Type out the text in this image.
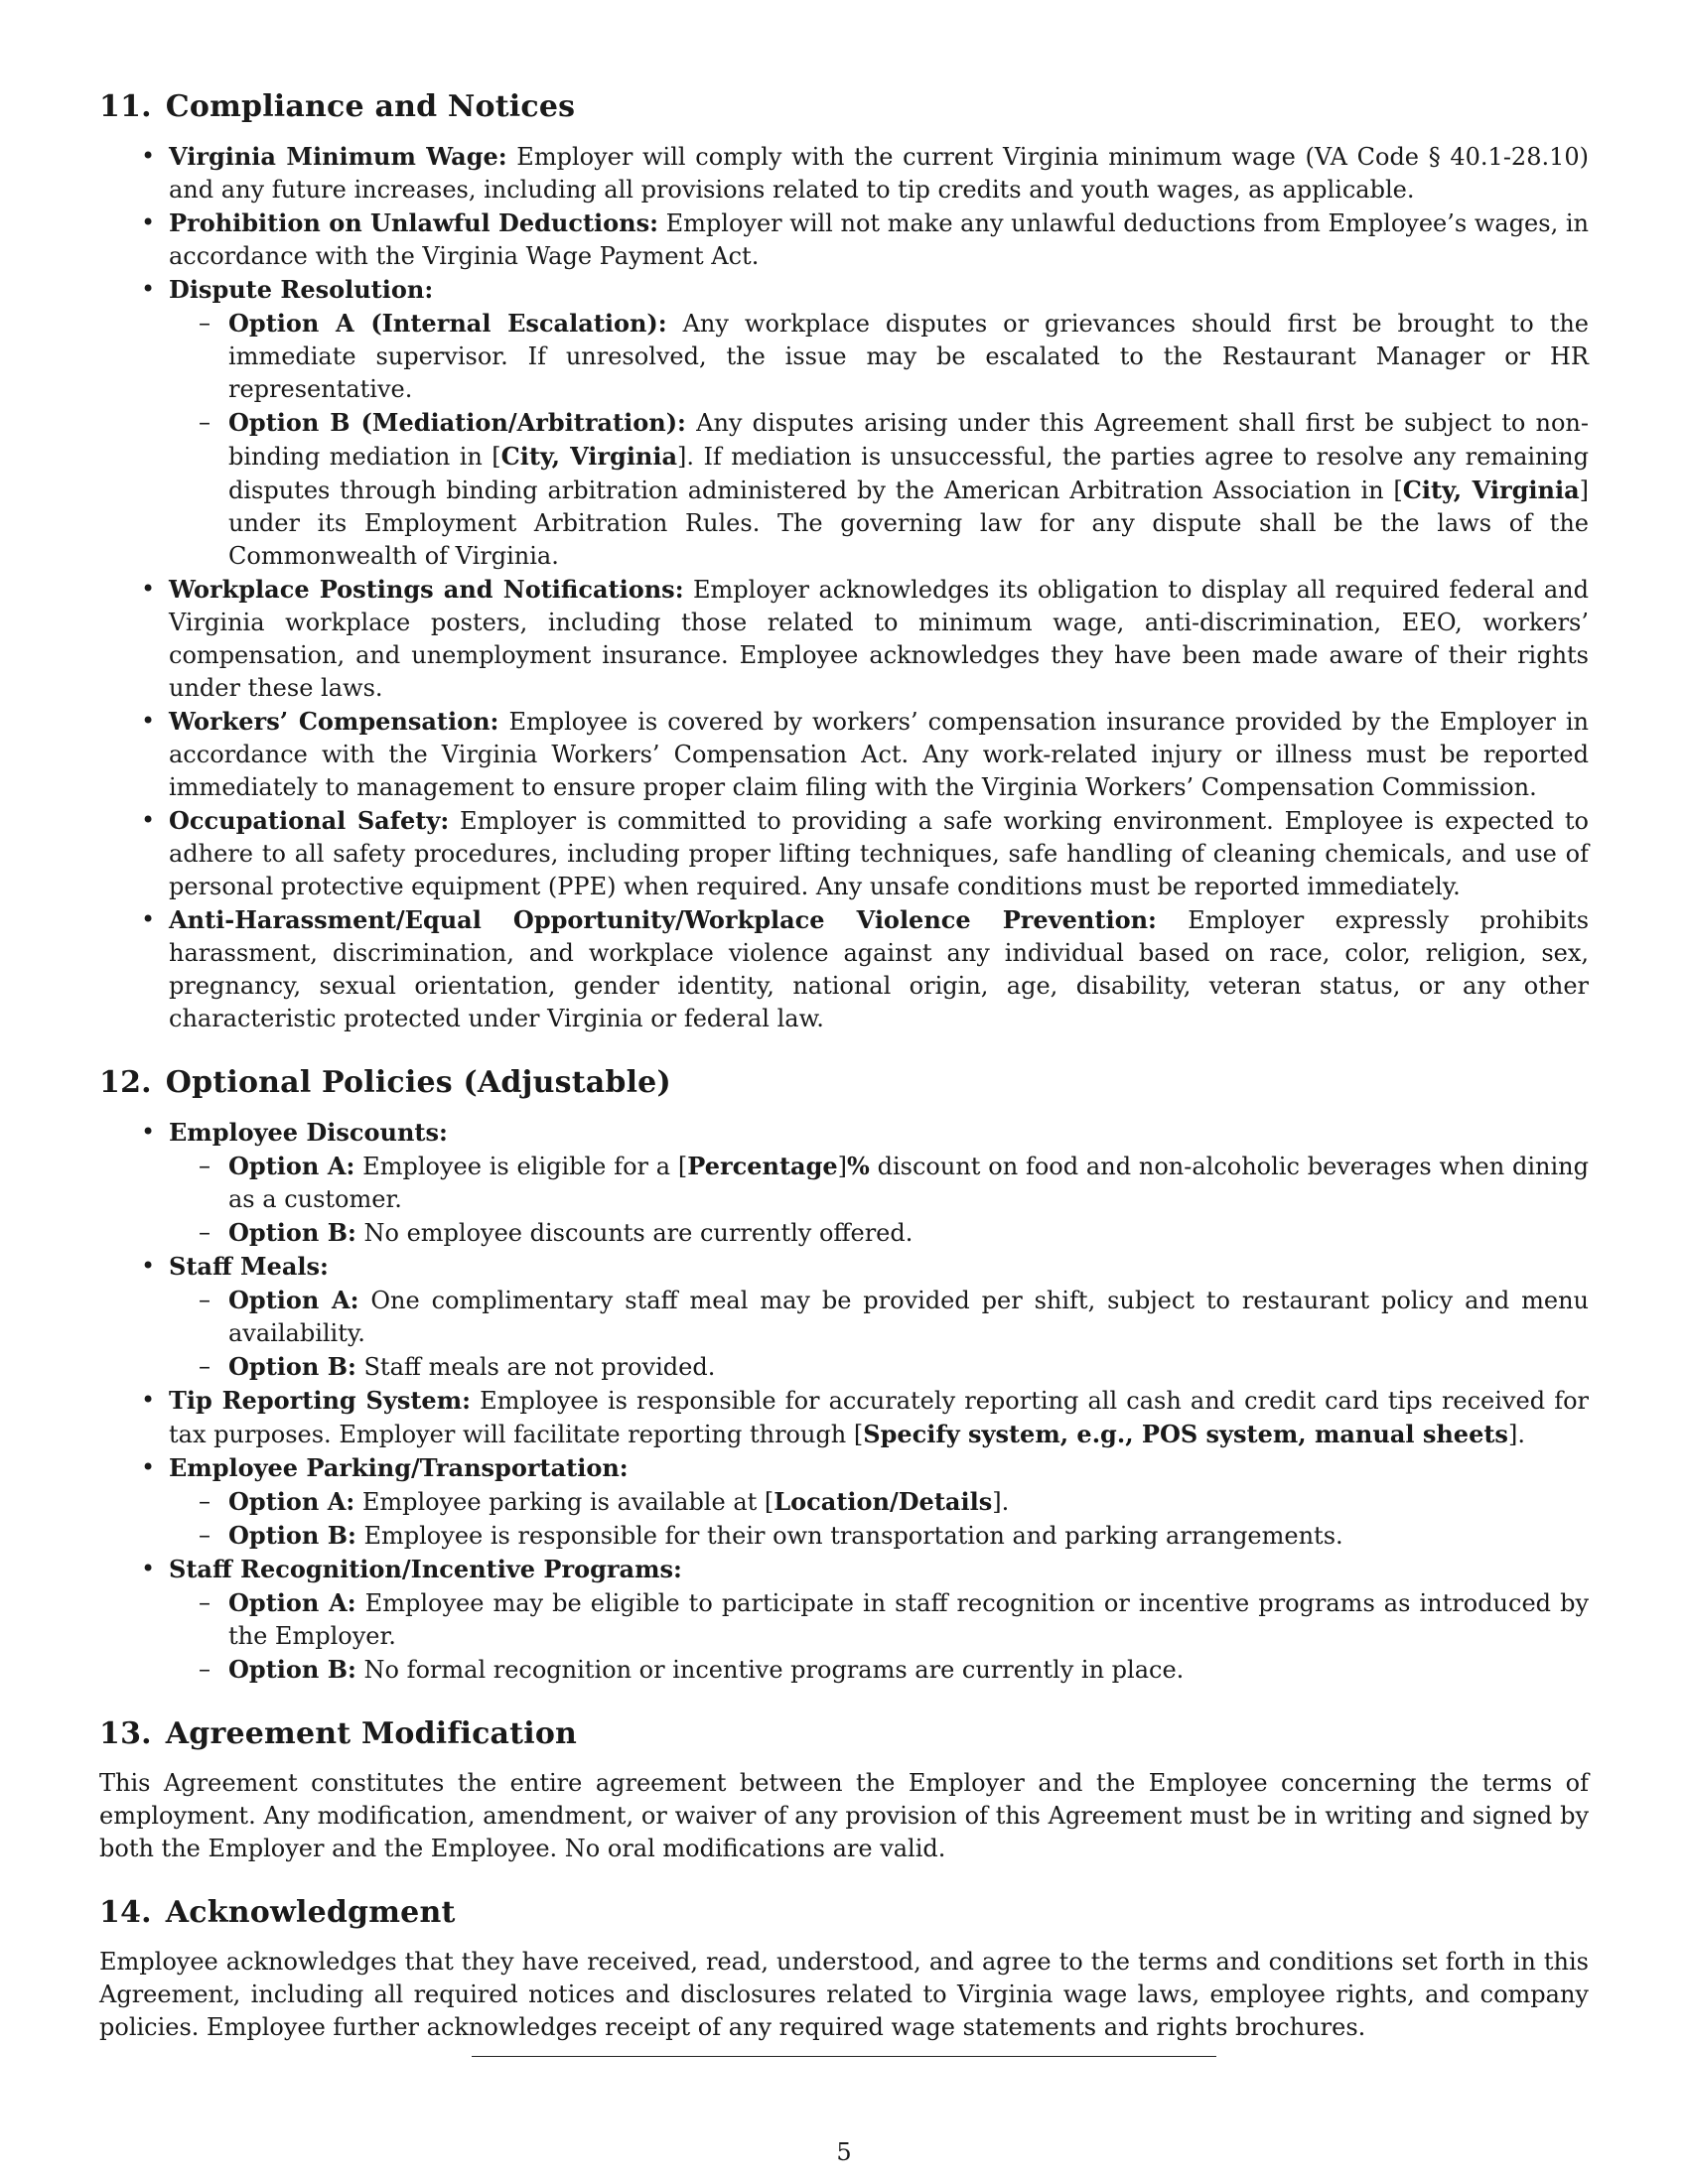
11. Compliance and Notices
• Virginia Minimum Wage: Employer will comply with the current Virginia minimum wage (VA Code § 40.1-28.10) and any future increases, including all provisions related to tip credits and youth wages, as applicable.
• Prohibition on Unlawful Deductions: Employer will not make any unlawful deductions from Employee’s wages, in accordance with the Virginia Wage Payment Act.
• Dispute Resolution:
– Option A (Internal Escalation): Any workplace disputes or grievances should first be brought to the immediate supervisor. If unresolved, the issue may be escalated to the Restaurant Manager or HR representative.
– Option B (Mediation/Arbitration): Any disputes arising under this Agreement shall first be subject to non-binding mediation in [City, Virginia]. If mediation is unsuccessful, the parties agree to resolve any remaining disputes through binding arbitration administered by the American Arbitration Association in [City, Virginia] under its Employment Arbitration Rules. The governing law for any dispute shall be the laws of the Commonwealth of Virginia.
• Workplace Postings and Notifications: Employer acknowledges its obligation to display all required federal and Virginia workplace posters, including those related to minimum wage, anti-discrimination, EEO, workers’ compensation, and unemployment insurance. Employee acknowledges they have been made aware of their rights under these laws.
• Workers’ Compensation: Employee is covered by workers’ compensation insurance provided by the Employer in accordance with the Virginia Workers’ Compensation Act. Any work-related injury or illness must be reported immediately to management to ensure proper claim filing with the Virginia Workers’ Compensation Commission.
• Occupational Safety: Employer is committed to providing a safe working environment. Employee is expected to adhere to all safety procedures, including proper lifting techniques, safe handling of cleaning chemicals, and use of personal protective equipment (PPE) when required. Any unsafe conditions must be reported immediately.
• Anti-Harassment/Equal Opportunity/Workplace Violence Prevention: Employer expressly prohibits harassment, discrimination, and workplace violence against any individual based on race, color, religion, sex, pregnancy, sexual orientation, gender identity, national origin, age, disability, veteran status, or any other characteristic protected under Virginia or federal law.
12. Optional Policies (Adjustable)
• Employee Discounts:
– Option A: Employee is eligible for a [Percentage]% discount on food and non-alcoholic beverages when dining as a customer.
– Option B: No employee discounts are currently offered.
• Staff Meals:
– Option A: One complimentary staff meal may be provided per shift, subject to restaurant policy and menu availability.
– Option B: Staff meals are not provided.
• Tip Reporting System: Employee is responsible for accurately reporting all cash and credit card tips received for tax purposes. Employer will facilitate reporting through [Specify system, e.g., POS system, manual sheets].
• Employee Parking/Transportation:
– Option A: Employee parking is available at [Location/Details].
– Option B: Employee is responsible for their own transportation and parking arrangements.
• Staff Recognition/Incentive Programs:
– Option A: Employee may be eligible to participate in staff recognition or incentive programs as introduced by the Employer.
– Option B: No formal recognition or incentive programs are currently in place.
13. Agreement Modification

This Agreement constitutes the entire agreement between the Employer and the Employee concerning the terms of employment. Any modification, amendment, or waiver of any provision of this Agreement must be in writing and signed by both the Employer and the Employee. No oral modifications are valid.

14. Acknowledgment

Employee acknowledges that they have received, read, understood, and agree to the terms and conditions set forth in this Agreement, including all required notices and disclosures related to Virginia wage laws, employee rights, and company policies. Employee further acknowledges receipt of any required wage statements and rights brochures.

5
